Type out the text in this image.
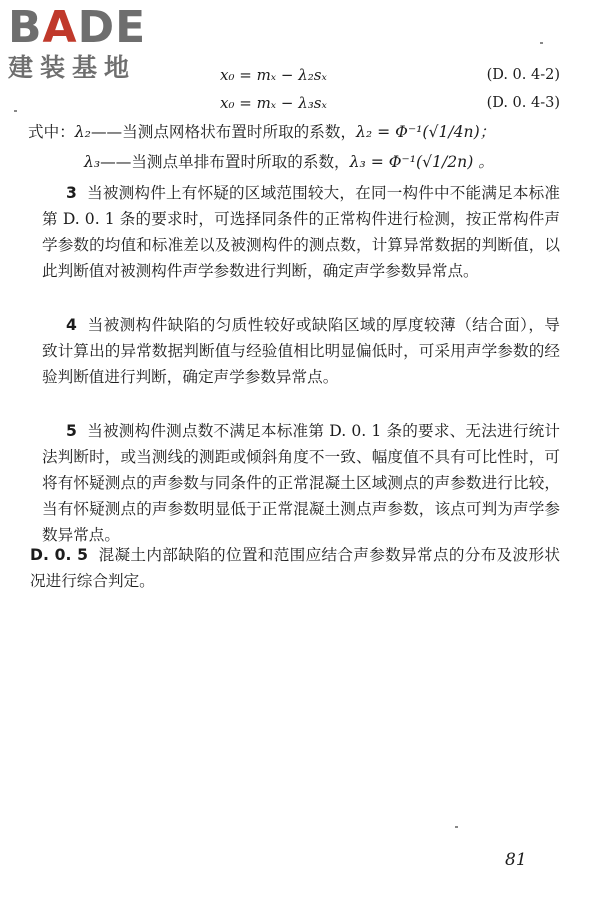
BADE
建装基地	x₀ = mₓ − λ₂sₓ	(D. 0. 4-2)
x₀ = mₓ − λ₃sₓ	(D. 0. 4-3)
式中：λ₂——当测点网格状布置时所取的系数，λ₂ = Φ⁻¹(√1/4n)；
λ₃——当测点单排布置时所取的系数，λ₃ = Φ⁻¹(√1/2n) 。

3 当被测构件上有怀疑的区域范围较大，在同一构件中不能满足本标准第 D. 0. 1 条的要求时，可选择同条件的正常构件进行检测，按正常构件声学参数的均值和标准差以及被测构件的测点数，计算异常数据的判断值，以此判断值对被测构件声学参数进行判断，确定声学参数异常点。

4 当被测构件缺陷的匀质性较好或缺陷区域的厚度较薄（结合面），导致计算出的异常数据判断值与经验值相比明显偏低时，可采用声学参数的经验判断值进行判断，确定声学参数异常点。

5 当被测构件测点数不满足本标准第 D. 0. 1 条的要求、无法进行统计法判断时，或当测线的测距或倾斜角度不一致、幅度值不具有可比性时，可将有怀疑测点的声参数与同条件的正常混凝土区域测点的声参数进行比较，当有怀疑测点的声参数明显低于正常混凝土测点声参数，该点可判为声学参数异常点。

D. 0. 5 混凝土内部缺陷的位置和范围应结合声参数异常点的分布及波形状况进行综合判定。

81
